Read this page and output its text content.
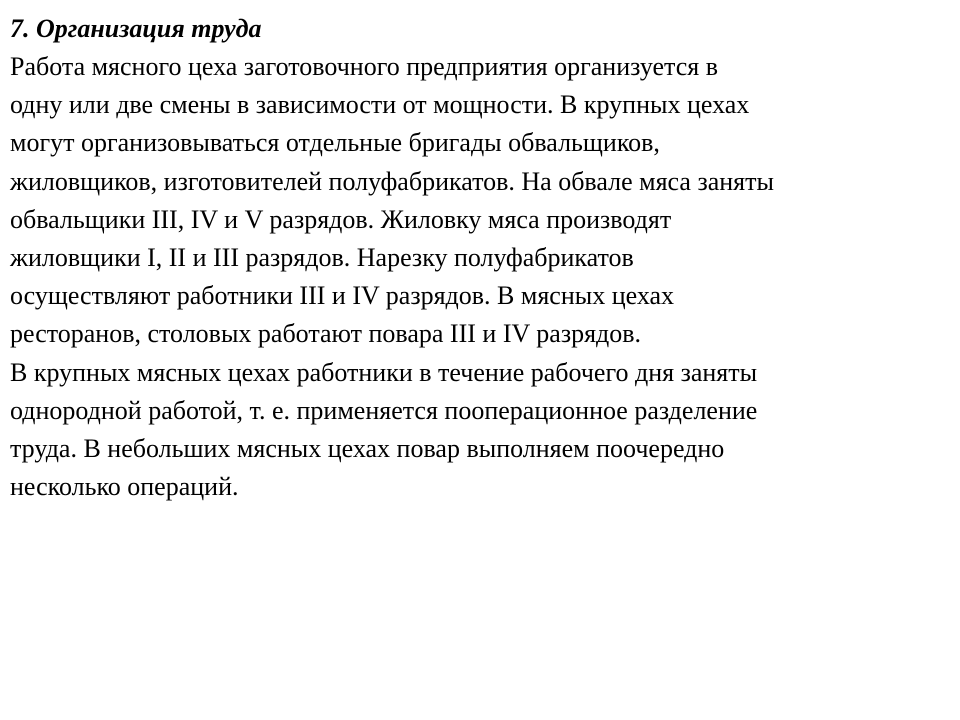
7. Организация труда
Работа мясного цеха заготовочного предприятия организуется в
одну или две смены в зависимости от мощности. В крупных цехах
могут организовываться отдельные бригады обвальщиков,
жиловщиков, изготовителей полуфабрикатов. На обвале мяса заняты
обвальщики III, IV и V разрядов. Жиловку мяса производят
жиловщики I, II и III разрядов. Нарезку полуфабрикатов
осуществляют работники III и IV разрядов. В мясных цехах
ресторанов, столовых работают повара III и IV разрядов.
В крупных мясных цехах работники в течение рабочего дня заняты
однородной работой, т. е. применяется пооперационное разделение
труда. В небольших мясных цехах повар выполняем поочередно
несколько операций.
